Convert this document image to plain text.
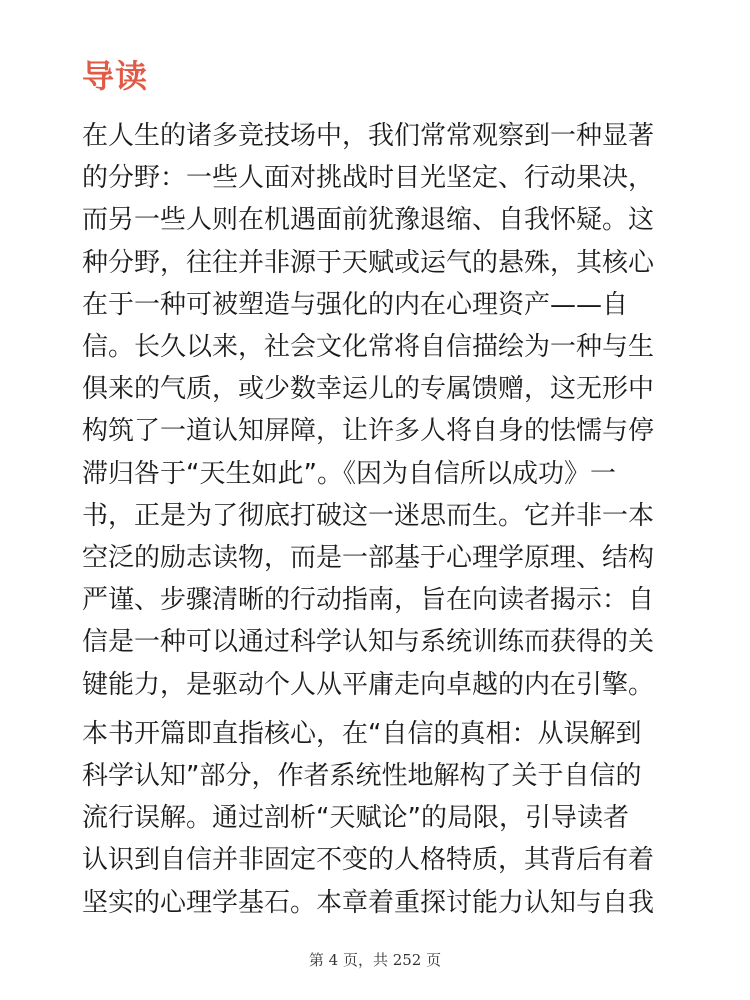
导读

在人生的诸多竞技场中，我们常常观察到一种显著
的分野：一些人面对挑战时目光坚定、行动果决，
而另一些人则在机遇面前犹豫退缩、自我怀疑。这
种分野，往往并非源于天赋或运气的悬殊，其核心
在于一种可被塑造与强化的内在心理资产——自
信。长久以来，社会文化常将自信描绘为一种与生
俱来的气质，或少数幸运儿的专属馈赠，这无形中
构筑了一道认知屏障，让许多人将自身的怯懦与停
滞归咎于“天生如此”。《因为自信所以成功》一
书，正是为了彻底打破这一迷思而生。它并非一本
空泛的励志读物，而是一部基于心理学原理、结构
严谨、步骤清晰的行动指南，旨在向读者揭示：自
信是一种可以通过科学认知与系统训练而获得的关
键能力，是驱动个人从平庸走向卓越的内在引擎。

本书开篇即直指核心，在“自信的真相：从误解到
科学认知”部分，作者系统性地解构了关于自信的
流行误解。通过剖析“天赋论”的局限，引导读者
认识到自信并非固定不变的人格特质，其背后有着
坚实的心理学基石。本章着重探讨能力认知与自我

第 4 页，共 252 页
